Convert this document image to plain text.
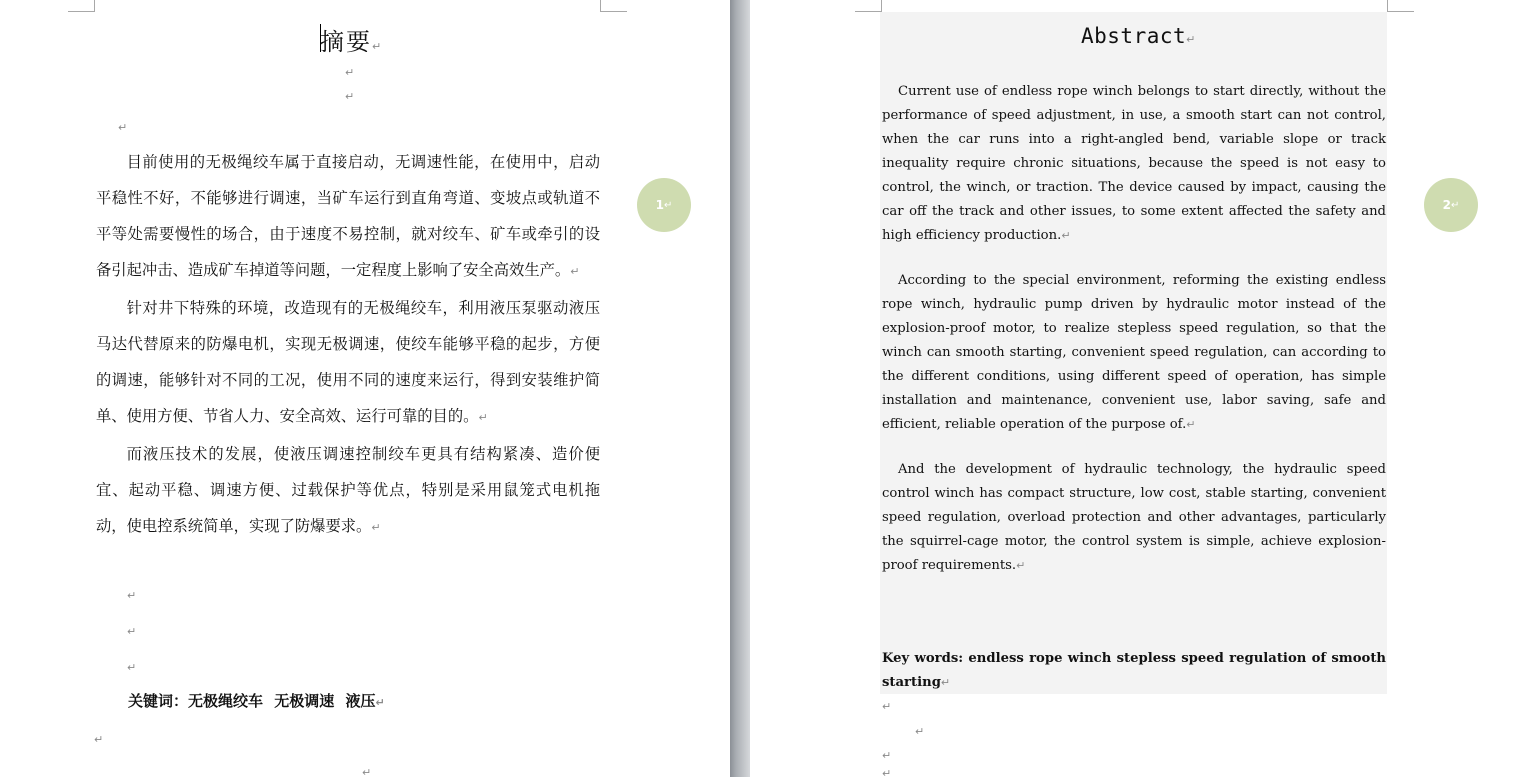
摘要↵
↵
↵
↵

目前使用的无极绳绞车属于直接启动，无调速性能，在使用中，启动平稳性不好，不能够进行调速，当矿车运行到直角弯道、变坡点或轨道不平等处需要慢性的场合，由于速度不易控制，就对绞车、矿车或牵引的设备引起冲击、造成矿车掉道等问题，一定程度上影响了安全高效生产。↵

针对井下特殊的环境，改造现有的无极绳绞车，利用液压泵驱动液压马达代替原来的防爆电机，实现无极调速，使绞车能够平稳的起步，方便的调速，能够针对不同的工况，使用不同的速度来运行，得到安装维护简单、使用方便、节省人力、安全高效、运行可靠的目的。↵

而液压技术的发展，使液压调速控制绞车更具有结构紧凑、造价便宜、起动平稳、调速方便、过载保护等优点，特别是采用鼠笼式电机拖动，使电控系统简单，实现了防爆要求。↵

↵
↵
↵
关键词：无极绳绞车 无极调速 液压↵
↵
↵
1 ↵
Abstract↵

Current use of endless rope winch belongs to start directly, without the performance of speed adjustment, in use, a smooth start can not control, when the car runs into a right-angled bend, variable slope or track inequality require chronic situations, because the speed is not easy to control, the winch, or traction. The device caused by impact, causing the car off the track and other issues, to some extent affected the safety and high efficiency production.↵

According to the special environment, reforming the existing endless rope winch, hydraulic pump driven by hydraulic motor instead of the explosion-proof motor, to realize stepless speed regulation, so that the winch can smooth starting, convenient speed regulation, can according to the different conditions, using different speed of operation, has simple installation and maintenance, convenient use, labor saving, safe and efficient, reliable operation of the purpose of.↵

And the development of hydraulic technology, the hydraulic speed control winch has compact structure, low cost, stable starting, convenient speed regulation, overload protection and other advantages, particularly the squirrel-cage motor, the control system is simple, achieve explosion-proof requirements.↵

Key words: endless rope winch stepless speed regulation of smooth starting↵
↵
↵
↵
↵
2 ↵
